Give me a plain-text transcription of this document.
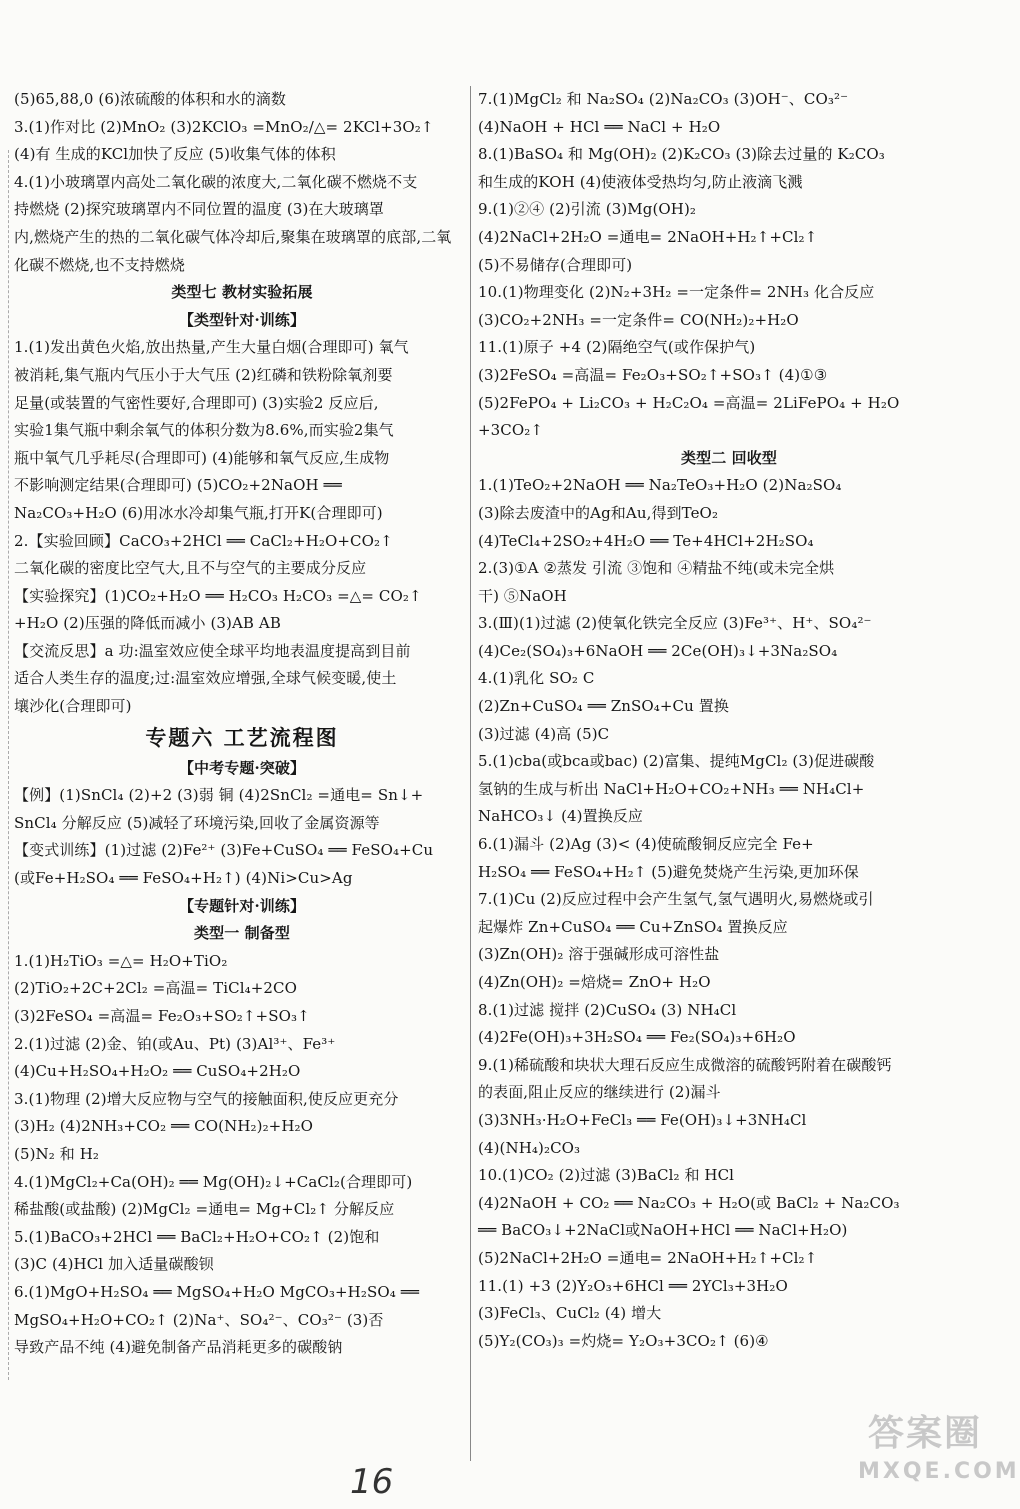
(5)65,88,0 (6)浓硫酸的体积和水的滴数
3.(1)作对比 (2)MnO₂ (3)2KClO₃ =MnO₂/△= 2KCl+3O₂↑
(4)有 生成的KCl加快了反应 (5)收集气体的体积
4.(1)小玻璃罩内高处二氧化碳的浓度大,二氧化碳不燃烧不支
持燃烧 (2)探究玻璃罩内不同位置的温度 (3)在大玻璃罩
内,燃烧产生的热的二氧化碳气体冷却后,聚集在玻璃罩的底部,二氧
化碳不燃烧,也不支持燃烧
类型七 教材实验拓展
【类型针对·训练】
1.(1)发出黄色火焰,放出热量,产生大量白烟(合理即可) 氧气
被消耗,集气瓶内气压小于大气压 (2)红磷和铁粉除氧剂要
足量(或装置的气密性要好,合理即可) (3)实验2 反应后,
实验1集气瓶中剩余氧气的体积分数为8.6%,而实验2集气
瓶中氧气几乎耗尽(合理即可) (4)能够和氧气反应,生成物
不影响测定结果(合理即可) (5)CO₂+2NaOH ══
Na₂CO₃+H₂O (6)用冰水冷却集气瓶,打开K(合理即可)
2.【实验回顾】CaCO₃+2HCl ══ CaCl₂+H₂O+CO₂↑
二氧化碳的密度比空气大,且不与空气的主要成分反应
【实验探究】(1)CO₂+H₂O ══ H₂CO₃ H₂CO₃ =△= CO₂↑
+H₂O (2)压强的降低而减小 (3)AB AB
【交流反思】a 功:温室效应使全球平均地表温度提高到目前
适合人类生存的温度;过:温室效应增强,全球气候变暖,使土
壤沙化(合理即可)
专题六 工艺流程图
【中考专题·突破】
【例】(1)SnCl₄ (2)+2 (3)弱 铜 (4)2SnCl₂ =通电= Sn↓+
SnCl₄ 分解反应 (5)减轻了环境污染,回收了金属资源等
【变式训练】(1)过滤 (2)Fe²⁺ (3)Fe+CuSO₄ ══ FeSO₄+Cu
(或Fe+H₂SO₄ ══ FeSO₄+H₂↑) (4)Ni>Cu>Ag
【专题针对·训练】
类型一 制备型
1.(1)H₂TiO₃ =△= H₂O+TiO₂
(2)TiO₂+2C+2Cl₂ =高温= TiCl₄+2CO
(3)2FeSO₄ =高温= Fe₂O₃+SO₂↑+SO₃↑
2.(1)过滤 (2)金、铂(或Au、Pt) (3)Al³⁺、Fe³⁺
(4)Cu+H₂SO₄+H₂O₂ ══ CuSO₄+2H₂O
3.(1)物理 (2)增大反应物与空气的接触面积,使反应更充分
(3)H₂ (4)2NH₃+CO₂ ══ CO(NH₂)₂+H₂O
(5)N₂ 和 H₂
4.(1)MgCl₂+Ca(OH)₂ ══ Mg(OH)₂↓+CaCl₂(合理即可)
稀盐酸(或盐酸) (2)MgCl₂ =通电= Mg+Cl₂↑ 分解反应
5.(1)BaCO₃+2HCl ══ BaCl₂+H₂O+CO₂↑ (2)饱和
(3)C (4)HCl 加入适量碳酸钡
6.(1)MgO+H₂SO₄ ══ MgSO₄+H₂O MgCO₃+H₂SO₄ ══
MgSO₄+H₂O+CO₂↑ (2)Na⁺、SO₄²⁻、CO₃²⁻ (3)否
导致产品不纯 (4)避免制备产品消耗更多的碳酸钠
7.(1)MgCl₂ 和 Na₂SO₄ (2)Na₂CO₃ (3)OH⁻、CO₃²⁻
(4)NaOH + HCl ══ NaCl + H₂O
8.(1)BaSO₄ 和 Mg(OH)₂ (2)K₂CO₃ (3)除去过量的 K₂CO₃
和生成的KOH (4)使液体受热均匀,防止液滴飞溅
9.(1)②④ (2)引流 (3)Mg(OH)₂
(4)2NaCl+2H₂O =通电= 2NaOH+H₂↑+Cl₂↑
(5)不易储存(合理即可)
10.(1)物理变化 (2)N₂+3H₂ =一定条件= 2NH₃ 化合反应
(3)CO₂+2NH₃ =一定条件= CO(NH₂)₂+H₂O
11.(1)原子 +4 (2)隔绝空气(或作保护气)
(3)2FeSO₄ =高温= Fe₂O₃+SO₂↑+SO₃↑ (4)①③
(5)2FePO₄ + Li₂CO₃ + H₂C₂O₄ =高温= 2LiFePO₄ + H₂O
+3CO₂↑
类型二 回收型
1.(1)TeO₂+2NaOH ══ Na₂TeO₃+H₂O (2)Na₂SO₄
(3)除去废渣中的Ag和Au,得到TeO₂
(4)TeCl₄+2SO₂+4H₂O ══ Te+4HCl+2H₂SO₄
2.(3)①A ②蒸发 引流 ③饱和 ④精盐不纯(或未完全烘
干) ⑤NaOH
3.(Ⅲ)(1)过滤 (2)使氧化铁完全反应 (3)Fe³⁺、H⁺、SO₄²⁻
(4)Ce₂(SO₄)₃+6NaOH ══ 2Ce(OH)₃↓+3Na₂SO₄
4.(1)乳化 SO₂ C
(2)Zn+CuSO₄ ══ ZnSO₄+Cu 置换
(3)过滤 (4)高 (5)C
5.(1)cba(或bca或bac) (2)富集、提纯MgCl₂ (3)促进碳酸
氢钠的生成与析出 NaCl+H₂O+CO₂+NH₃ ══ NH₄Cl+
NaHCO₃↓ (4)置换反应
6.(1)漏斗 (2)Ag (3)< (4)使硫酸铜反应完全 Fe+
H₂SO₄ ══ FeSO₄+H₂↑ (5)避免焚烧产生污染,更加环保
7.(1)Cu (2)反应过程中会产生氢气,氢气遇明火,易燃烧或引
起爆炸 Zn+CuSO₄ ══ Cu+ZnSO₄ 置换反应
(3)Zn(OH)₂ 溶于强碱形成可溶性盐
(4)Zn(OH)₂ =焙烧= ZnO+ H₂O
8.(1)过滤 搅拌 (2)CuSO₄ (3) NH₄Cl
(4)2Fe(OH)₃+3H₂SO₄ ══ Fe₂(SO₄)₃+6H₂O
9.(1)稀硫酸和块状大理石反应生成微溶的硫酸钙附着在碳酸钙
的表面,阻止反应的继续进行 (2)漏斗
(3)3NH₃·H₂O+FeCl₃ ══ Fe(OH)₃↓+3NH₄Cl
(4)(NH₄)₂CO₃
10.(1)CO₂ (2)过滤 (3)BaCl₂ 和 HCl
(4)2NaOH + CO₂ ══ Na₂CO₃ + H₂O(或 BaCl₂ + Na₂CO₃
══ BaCO₃↓+2NaCl或NaOH+HCl ══ NaCl+H₂O)
(5)2NaCl+2H₂O =通电= 2NaOH+H₂↑+Cl₂↑
11.(1) +3 (2)Y₂O₃+6HCl ══ 2YCl₃+3H₂O
(3)FeCl₃、CuCl₂ (4) 增大
(5)Y₂(CO₃)₃ =灼烧= Y₂O₃+3CO₂↑ (6)④
16
答案圈
MXQE.COM
